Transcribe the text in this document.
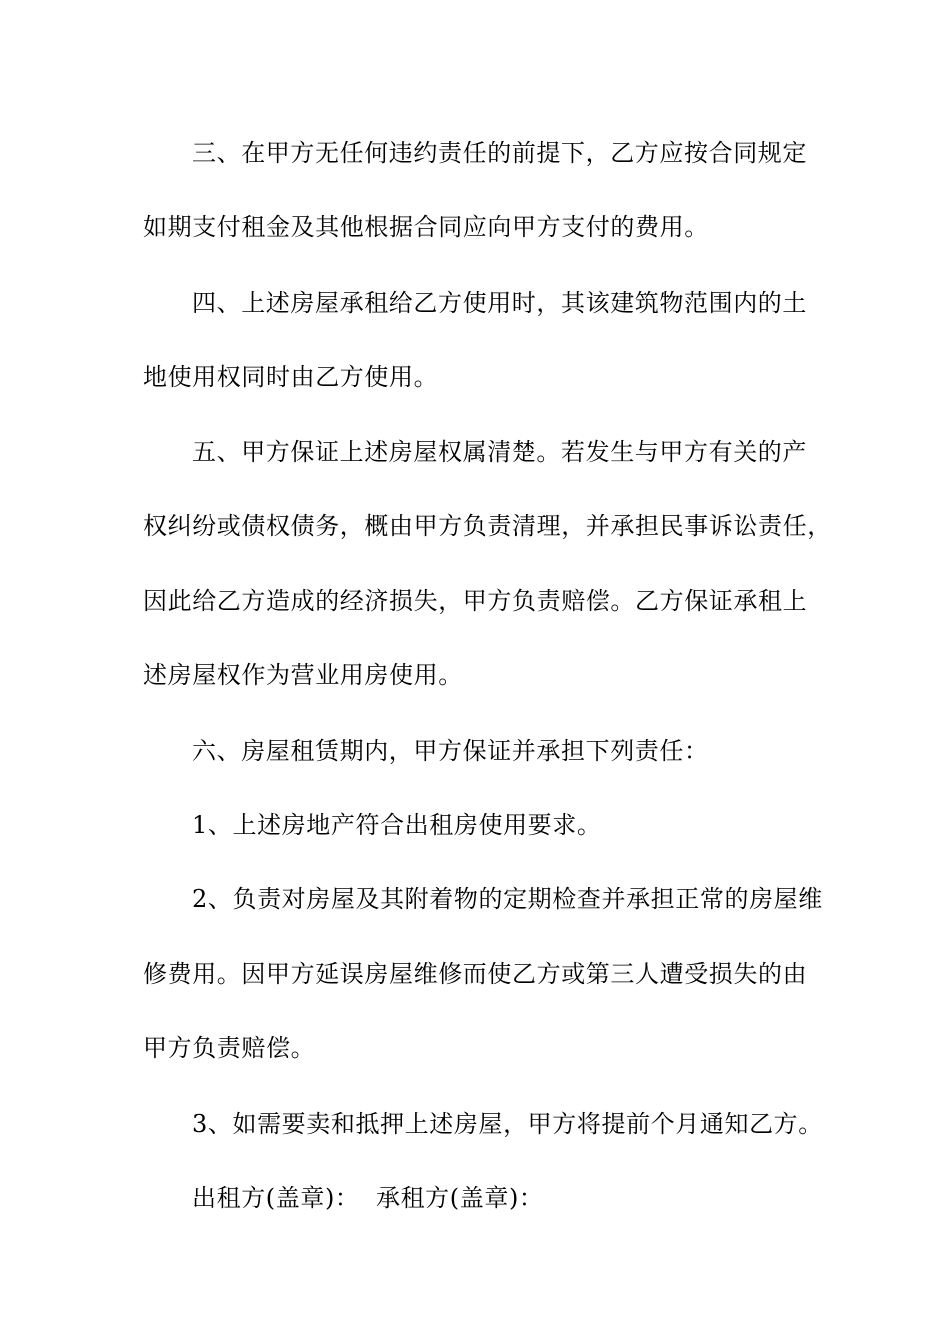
三、在甲方无任何违约责任的前提下，乙方应按合同规定
如期支付租金及其他根据合同应向甲方支付的费用。
四、上述房屋承租给乙方使用时，其该建筑物范围内的土
地使用权同时由乙方使用。
五、甲方保证上述房屋权属清楚。若发生与甲方有关的产
权纠纷或债权债务，概由甲方负责清理，并承担民事诉讼责任，
因此给乙方造成的经济损失，甲方负责赔偿。乙方保证承租上
述房屋权作为营业用房使用。
六、房屋租赁期内，甲方保证并承担下列责任：
1、上述房地产符合出租房使用要求。
2、负责对房屋及其附着物的定期检查并承担正常的房屋维
修费用。因甲方延误房屋维修而使乙方或第三人遭受损失的由
甲方负责赔偿。
3、如需要卖和抵押上述房屋，甲方将提前个月通知乙方。
出租方(盖章)：  承租方(盖章)：
